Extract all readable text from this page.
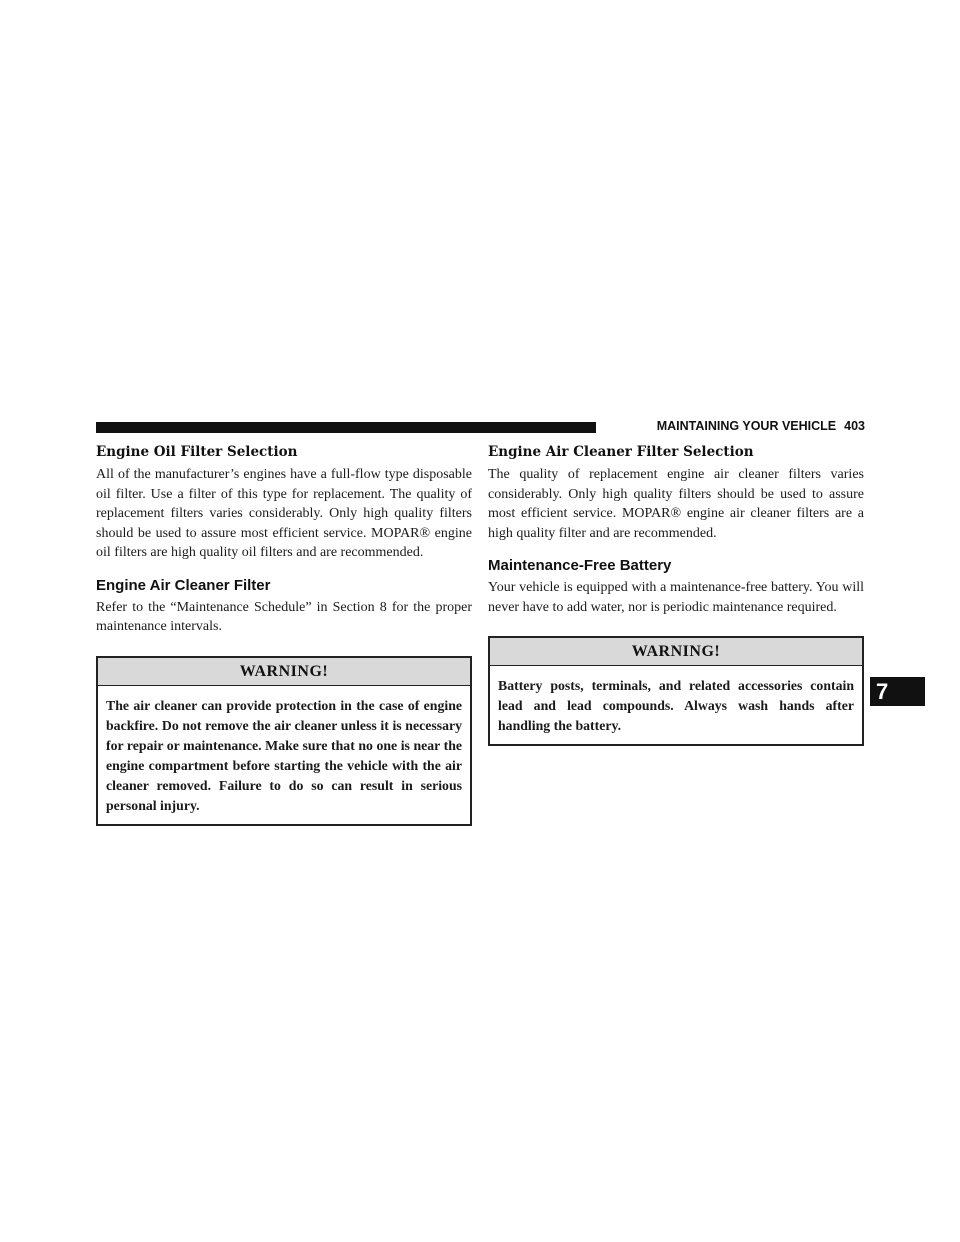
MAINTAINING YOUR VEHICLE 403
Engine Oil Filter Selection

All of the manufacturer’s engines have a full-flow type disposable oil filter. Use a filter of this type for replacement. The quality of replacement filters varies considerably. Only high quality filters should be used to assure most efficient service. MOPAR® engine oil filters are high quality oil filters and are recommended.

Engine Air Cleaner Filter

Refer to the “Maintenance Schedule” in Section 8 for the proper maintenance intervals.

WARNING!
The air cleaner can provide protection in the case of engine backfire. Do not remove the air cleaner unless it is necessary for repair or maintenance. Make sure that no one is near the engine compartment before starting the vehicle with the air cleaner removed. Failure to do so can result in serious personal injury.
Engine Air Cleaner Filter Selection

The quality of replacement engine air cleaner filters varies considerably. Only high quality filters should be used to assure most efficient service. MOPAR® engine air cleaner filters are a high quality filter and are recommended.

Maintenance-Free Battery

Your vehicle is equipped with a maintenance-free battery. You will never have to add water, nor is periodic maintenance required.

WARNING!
Battery posts, terminals, and related accessories contain lead and lead compounds. Always wash hands after handling the battery.
7
